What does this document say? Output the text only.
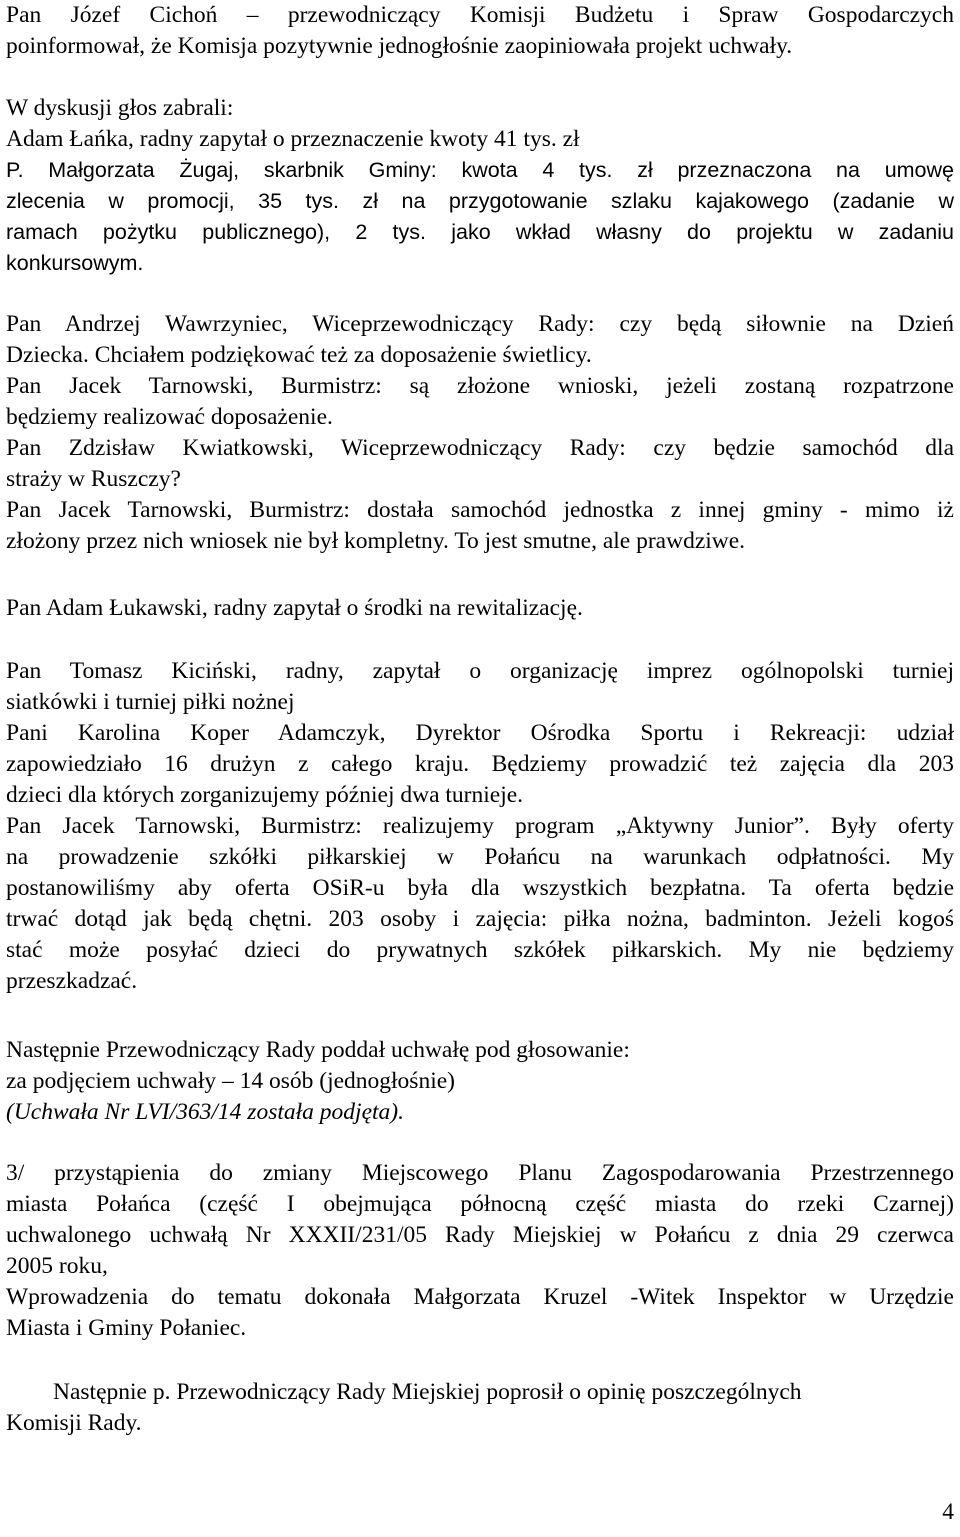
Pan Józef Cichoń – przewodniczący Komisji Budżetu i Spraw Gospodarczych
poinformował, że Komisja pozytywnie jednogłośnie zaopiniowała projekt uchwały.

W dyskusji głos zabrali:
Adam Łańka, radny zapytał o przeznaczenie kwoty 41 tys. zł

P. Małgorzata Żugaj, skarbnik Gminy: kwota 4 tys. zł przeznaczona na umowę
zlecenia w promocji, 35 tys. zł na przygotowanie szlaku kajakowego (zadanie w
ramach pożytku publicznego), 2 tys. jako wkład własny do projektu w zadaniu
konkursowym.

Pan Andrzej Wawrzyniec, Wiceprzewodniczący Rady: czy będą siłownie na Dzień
Dziecka. Chciałem podziękować też za doposażenie świetlicy.
Pan Jacek Tarnowski, Burmistrz: są złożone wnioski, jeżeli zostaną rozpatrzone
będziemy realizować doposażenie.
Pan Zdzisław Kwiatkowski, Wiceprzewodniczący Rady: czy będzie samochód dla
straży w Ruszczy?
Pan Jacek Tarnowski, Burmistrz: dostała samochód jednostka z innej gminy - mimo iż
złożony przez nich wniosek nie był kompletny. To jest smutne, ale prawdziwe.

Pan Adam Łukawski, radny zapytał o środki na rewitalizację.

Pan Tomasz Kiciński, radny, zapytał o organizację imprez ogólnopolski turniej
siatkówki i turniej piłki nożnej
Pani Karolina Koper Adamczyk, Dyrektor Ośrodka Sportu i Rekreacji: udział
zapowiedziało 16 drużyn z całego kraju. Będziemy prowadzić też zajęcia dla 203
dzieci dla których zorganizujemy później dwa turnieje.
Pan Jacek Tarnowski, Burmistrz: realizujemy program „Aktywny Junior”. Były oferty
na prowadzenie szkółki piłkarskiej w Połańcu na warunkach odpłatności. My
postanowiliśmy aby oferta OSiR-u była dla wszystkich bezpłatna. Ta oferta będzie
trwać dotąd jak będą chętni. 203 osoby i zajęcia: piłka nożna, badminton. Jeżeli kogoś
stać może posyłać dzieci do prywatnych szkółek piłkarskich. My nie będziemy
przeszkadzać.

Następnie Przewodniczący Rady poddał uchwałę pod głosowanie:
za podjęciem uchwały – 14 osób (jednogłośnie)
(Uchwała Nr LVI/363/14 została podjęta).

3/ przystąpienia do zmiany Miejscowego Planu Zagospodarowania Przestrzennego
miasta Połańca (część I obejmująca północną część miasta do rzeki Czarnej)
uchwalonego uchwałą Nr XXXII/231/05 Rady Miejskiej w Połańcu z dnia 29 czerwca
2005 roku,
Wprowadzenia do tematu dokonała Małgorzata Kruzel -Witek Inspektor w Urzędzie
Miasta i Gminy Połaniec.

Następnie p. Przewodniczący Rady Miejskiej poprosił o opinię poszczególnych
Komisji Rady.

4
